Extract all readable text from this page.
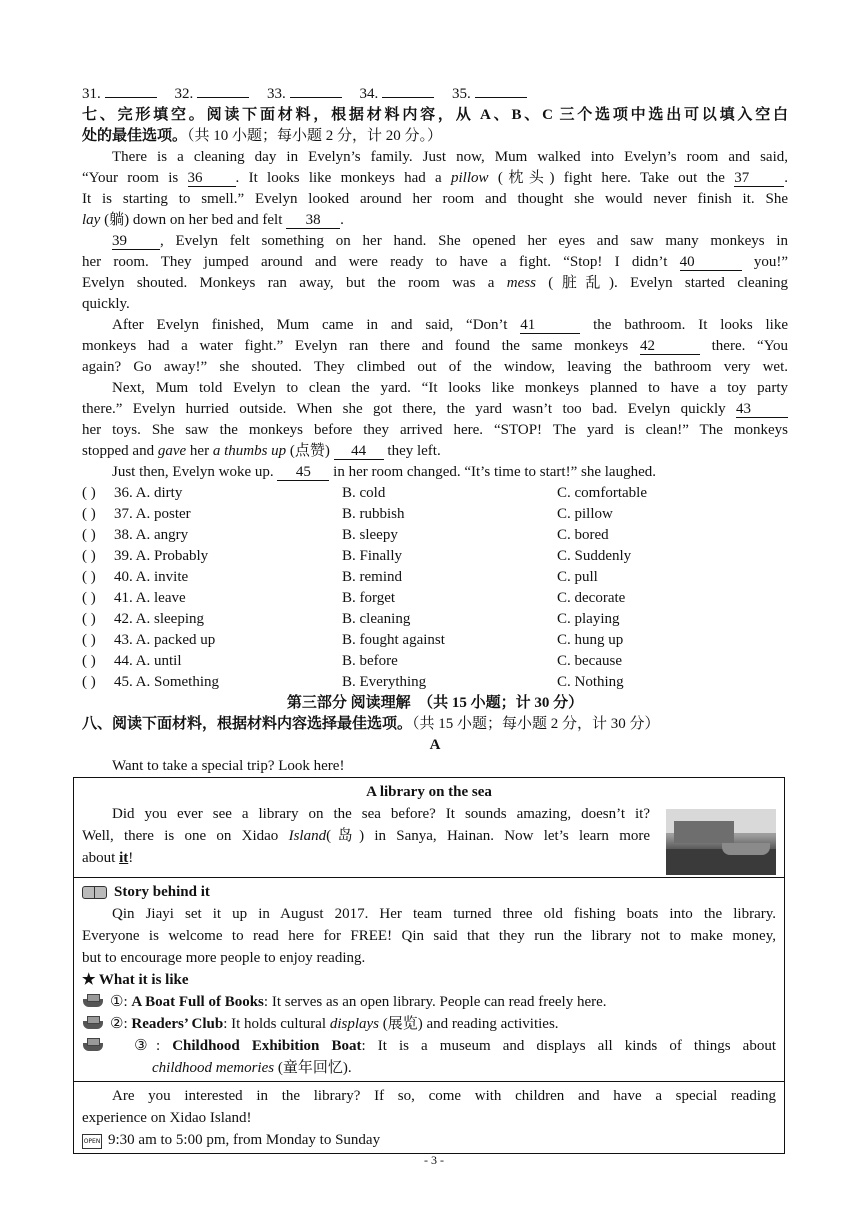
31.	32.	33.	34.	35.
七、完形填空。阅读下面材料，根据材料内容，从 A、B、C 三个选项中选出可以填入空白
处的最佳选项。（共 10 小题；每小题 2 分，计 20 分。）
There is a cleaning day in Evelyn’s family. Just now, Mum walked into Evelyn’s room and said,
“Your room is 36 . It looks like monkeys had a pillow (枕头) fight here. Take out the 37 .
It is starting to smell.” Evelyn looked around her room and thought she would never finish it. She
lay (躺) down on her bed and felt 38 .
39 , Evelyn felt something on her hand. She opened her eyes and saw many monkeys in
her room. They jumped around and were ready to have a fight. “Stop! I didn’t 40	you!”
Evelyn shouted. Monkeys ran away, but the room was a mess (脏乱). Evelyn started cleaning
quickly.
After Evelyn finished, Mum came in and said, “Don’t 41	the bathroom. It looks like
monkeys had a water fight.” Evelyn ran there and found the same monkeys 42	there. “You
again? Go away!” she shouted. They climbed out of the window, leaving the bathroom very wet.
Next, Mum told Evelyn to clean the yard. “It looks like monkeys planned to have a toy party
there.” Evelyn hurried outside. When she got there, the yard wasn’t too bad. Evelyn quickly 43
her toys. She saw the monkeys before they arrived here. “STOP! The yard is clean!” The monkeys
stopped and gave her a thumbs up (点赞) 44 they left.
Just then, Evelyn woke up. 45 in her room changed. “It’s time to start!” she laughed.
( ) 36. A. dirty	B. cold	C. comfortable
( ) 37. A. poster	B. rubbish	C. pillow
( ) 38. A. angry	B. sleepy	C. bored
( ) 39. A. Probably	B. Finally	C. Suddenly
( ) 40. A. invite	B. remind	C. pull
( ) 41. A. leave	B. forget	C. decorate
( ) 42. A. sleeping	B. cleaning	C. playing
( ) 43. A. packed up	B. fought against	C. hung up
( ) 44. A. until	B. before	C. because
( ) 45. A. Something	B. Everything	C. Nothing
第三部分 阅读理解 （共 15 小题；计 30 分）
八、阅读下面材料，根据材料内容选择最佳选项。（共 15 小题；每小题 2 分，计 30 分）
A
Want to take a special trip? Look here!
A library on the sea
Did you ever see a library on the sea before? It sounds amazing, doesn’t it?
Well, there is one on Xidao Island(岛) in Sanya, Hainan. Now let’s learn more
about it!

Story behind it
Qin Jiayi set it up in August 2017. Her team turned three old fishing boats into the library.
Everyone is welcome to read here for FREE! Qin said that they run the library not to make money,
but to encourage more people to enjoy reading.
★ What it is like
①: A Boat Full of Books: It serves as an open library. People can read freely here.
②: Readers’ Club: It holds cultural displays (展览) and reading activities.
③: Childhood Exhibition Boat: It is a museum and displays all kinds of things about
childhood memories (童年回忆).

Are you interested in the library? If so, come with children and have a special reading
experience on Xidao Island!
OPEN 9:30 am to 5:00 pm, from Monday to Sunday
- 3 -
